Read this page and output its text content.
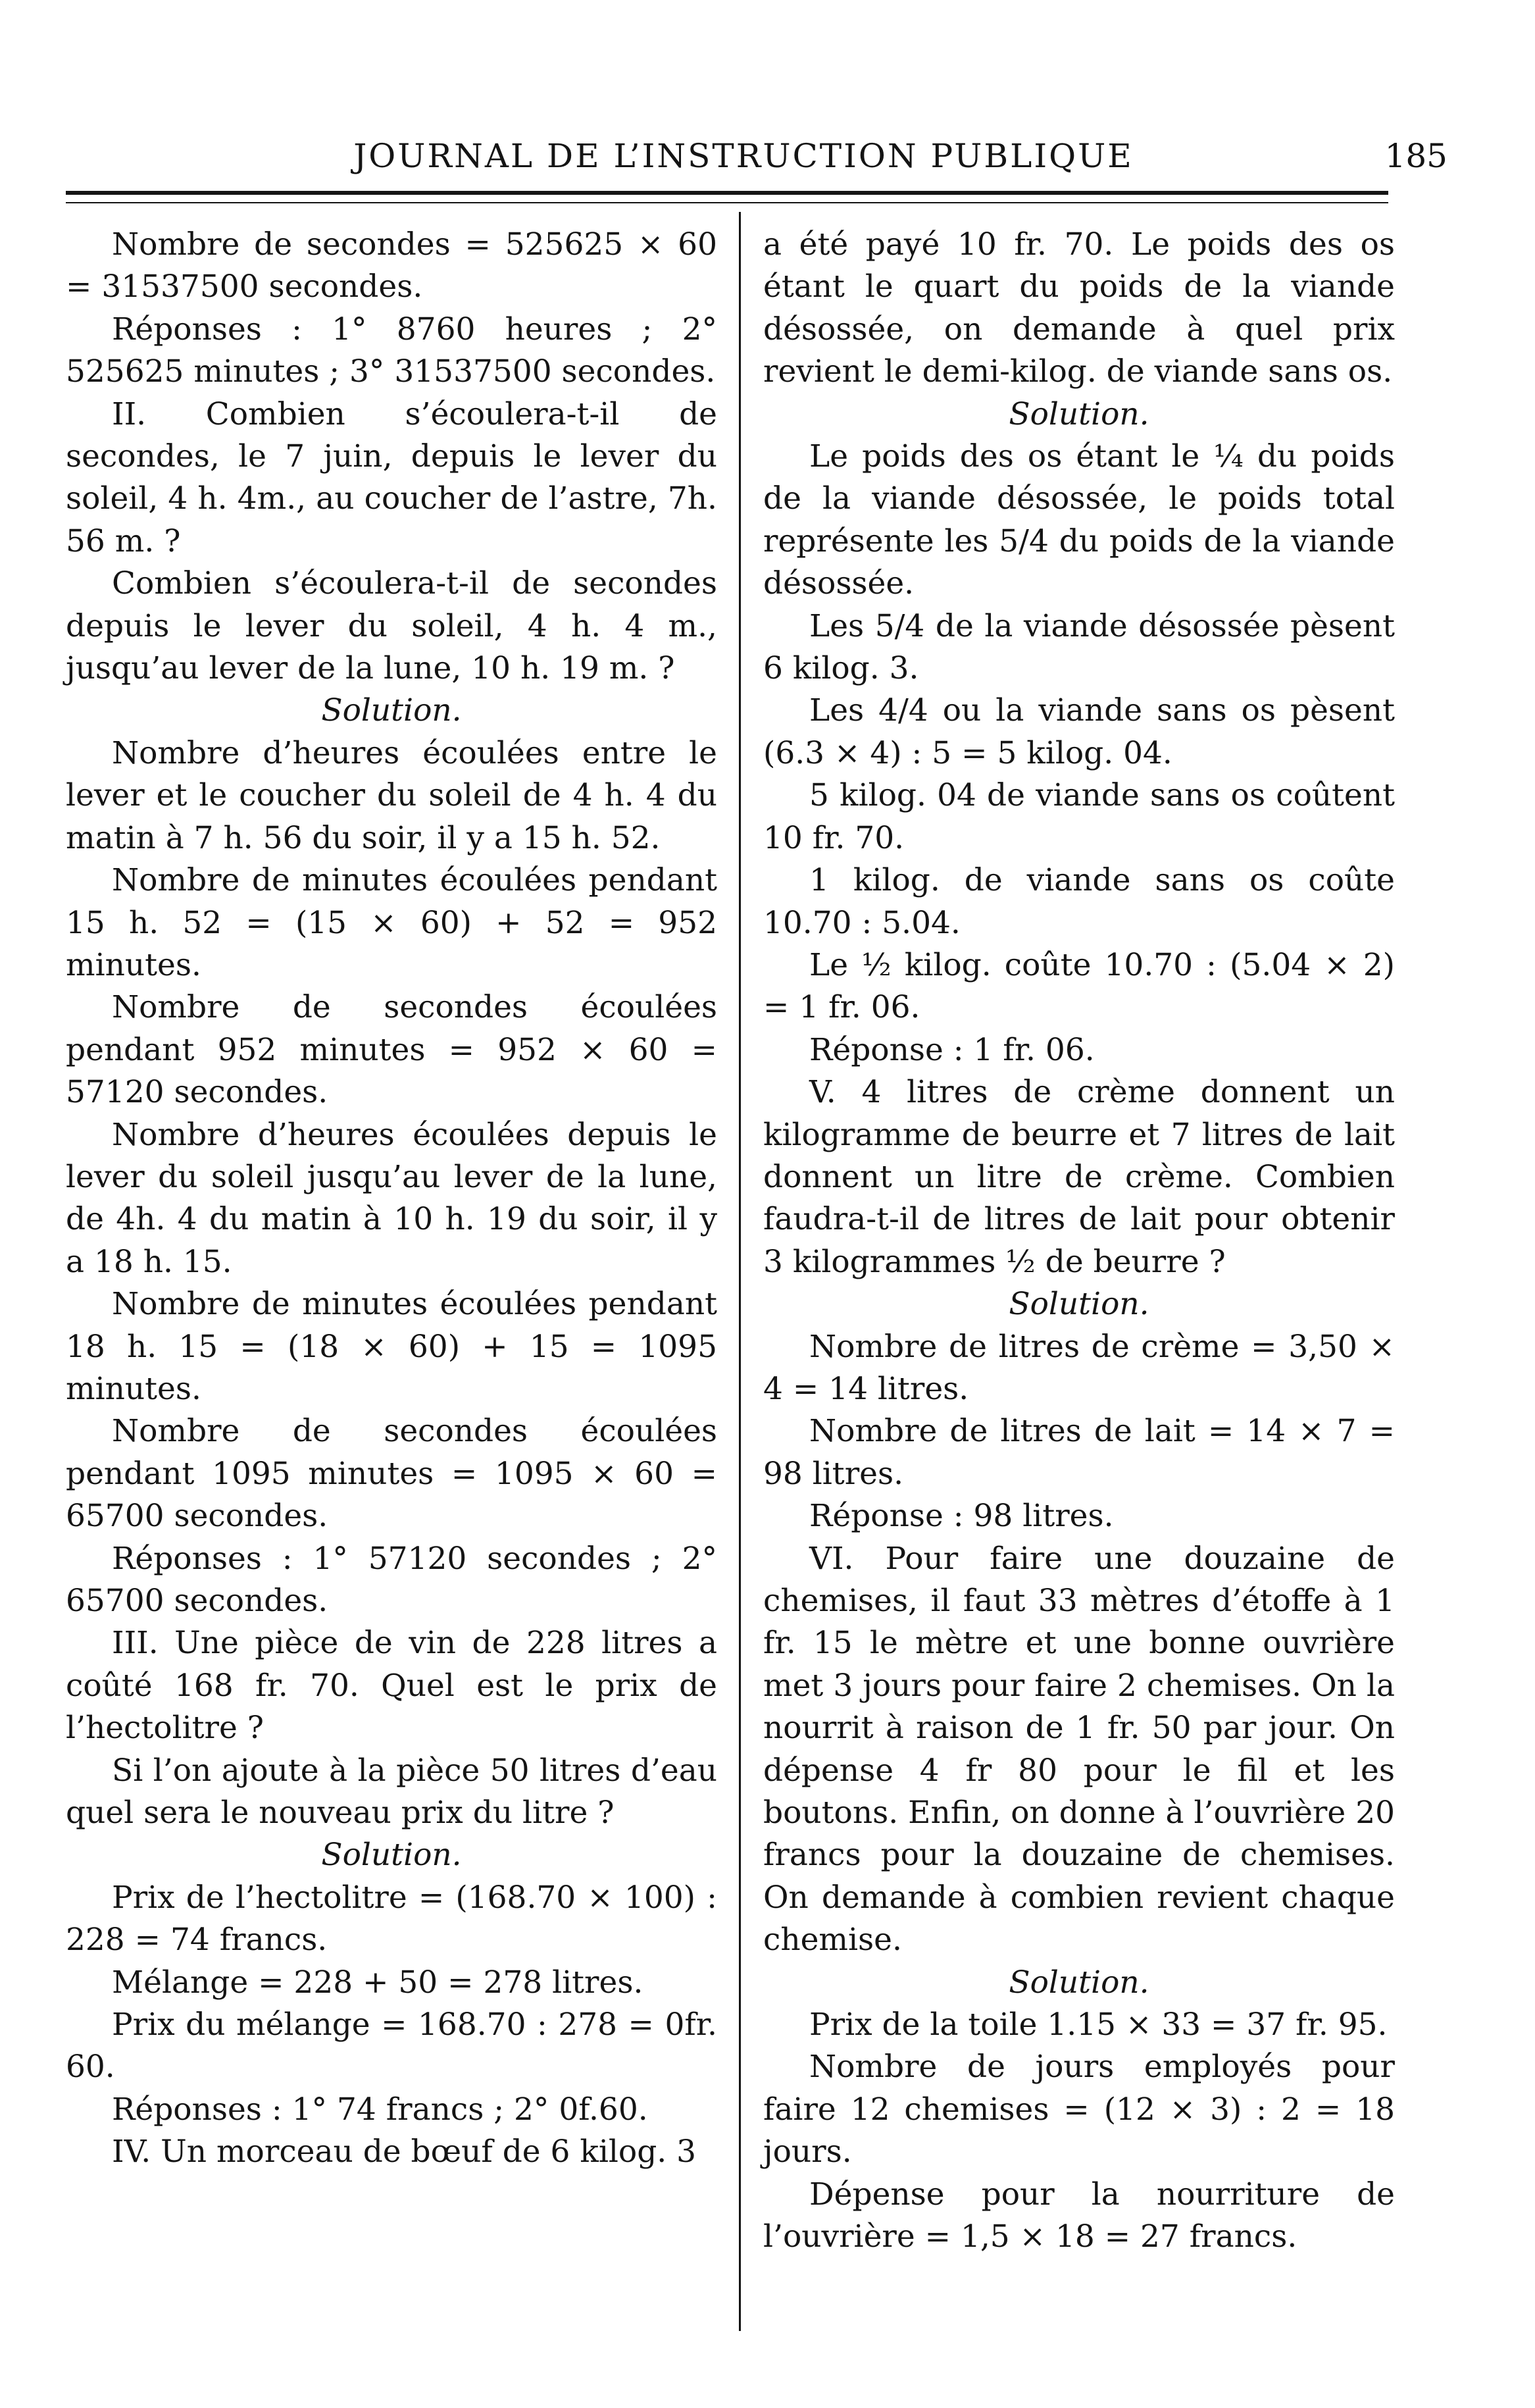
JOURNAL DE L’INSTRUCTION PUBLIQUE	185

Nombre de secondes = 525625 × 60 = 31537500 secondes.

Réponses : 1° 8760 heures ; 2° 525625 minutes ; 3° 31537500 secondes.

II. Combien s’écoulera-t-il de secondes, le 7 juin, depuis le lever du soleil, 4 h. 4m., au coucher de l’astre, 7h. 56 m. ?

Combien s’écoulera-t-il de secondes depuis le lever du soleil, 4 h. 4 m., jusqu’au lever de la lune, 10 h. 19 m. ?

Solution.

Nombre d’heures écoulées entre le lever et le coucher du soleil de 4 h. 4 du matin à 7 h. 56 du soir, il y a 15 h. 52.

Nombre de minutes écoulées pendant 15 h. 52 = (15 × 60) + 52 = 952 minutes.

Nombre de secondes écoulées pendant 952 minutes = 952 × 60 = 57120 secondes.

Nombre d’heures écoulées depuis le lever du soleil jusqu’au lever de la lune, de 4h. 4 du matin à 10 h. 19 du soir, il y a 18 h. 15.

Nombre de minutes écoulées pendant 18 h. 15 = (18 × 60) + 15 = 1095 minutes.

Nombre de secondes écoulées pendant 1095 minutes = 1095 × 60 = 65700 secondes.

Réponses : 1° 57120 secondes ; 2° 65700 secondes.

III. Une pièce de vin de 228 litres a coûté 168 fr. 70. Quel est le prix de l’hectolitre ?

Si l’on ajoute à la pièce 50 litres d’eau quel sera le nouveau prix du litre ?

Solution.

Prix de l’hectolitre = (168.70 × 100) : 228 = 74 francs.

Mélange = 228 + 50 = 278 litres.

Prix du mélange = 168.70 : 278 = 0fr. 60.

Réponses : 1° 74 francs ; 2° 0f.60.

IV. Un morceau de bœuf de 6 kilog. 3

a été payé 10 fr. 70. Le poids des os étant le quart du poids de la viande désossée, on demande à quel prix revient le demi-kilog. de viande sans os.

Solution.

Le poids des os étant le ¼ du poids de la viande désossée, le poids total représente les 5/4 du poids de la viande désossée.

Les 5/4 de la viande désossée pèsent 6 kilog. 3.

Les 4/4 ou la viande sans os pèsent (6.3 × 4) : 5 = 5 kilog. 04.

5 kilog. 04 de viande sans os coûtent 10 fr. 70.

1 kilog. de viande sans os coûte 10.70 : 5.04.

Le ½ kilog. coûte 10.70 : (5.04 × 2) = 1 fr. 06.

Réponse : 1 fr. 06.

V. 4 litres de crème donnent un kilogramme de beurre et 7 litres de lait donnent un litre de crème. Combien faudra-t-il de litres de lait pour obtenir 3 kilogrammes ½ de beurre ?

Solution.

Nombre de litres de crème = 3,50 × 4 = 14 litres.

Nombre de litres de lait = 14 × 7 = 98 litres.

Réponse : 98 litres.

VI. Pour faire une douzaine de chemises, il faut 33 mètres d’étoffe à 1 fr. 15 le mètre et une bonne ouvrière met 3 jours pour faire 2 chemises. On la nourrit à raison de 1 fr. 50 par jour. On dépense 4 fr 80 pour le fil et les boutons. Enfin, on donne à l’ouvrière 20 francs pour la douzaine de chemises. On demande à combien revient chaque chemise.

Solution.

Prix de la toile 1.15 × 33 = 37 fr. 95.

Nombre de jours employés pour faire 12 chemises = (12 × 3) : 2 = 18 jours.

Dépense pour la nourriture de l’ouvrière = 1,5 × 18 = 27 francs.
